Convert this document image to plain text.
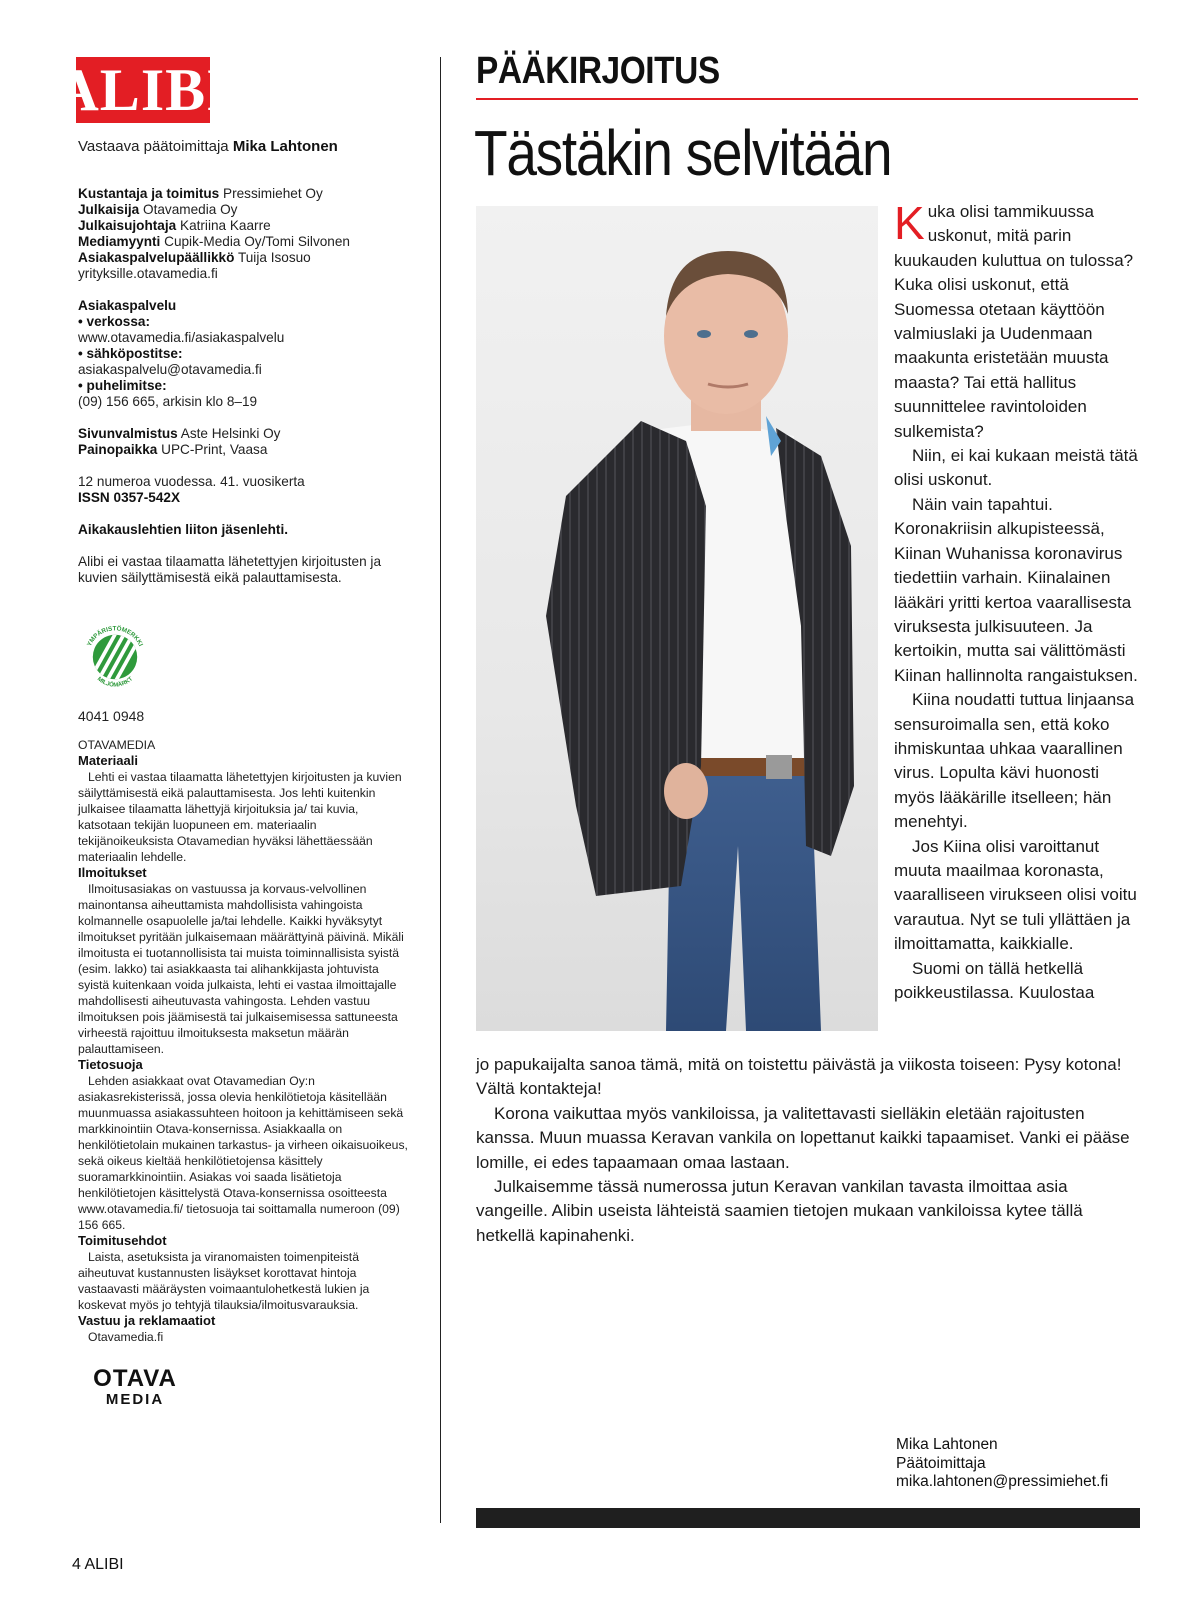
ALIBI
Vastaava päätoimittaja Mika Lahtonen
Kustantaja ja toimitus Pressimiehet Oy
Julkaisija Otavamedia Oy
Julkaisujohtaja Katriina Kaarre
Mediamyynti Cupik-Media Oy/Tomi Silvonen
Asiakaspalvelupäällikkö Tuija Isosuo
yrityksille.otavamedia.fi
Asiakaspalvelu
• verkossa:
www.otavamedia.fi/asiakaspalvelu
• sähköpostitse:
asiakaspalvelu@otavamedia.fi
• puhelimitse:
(09) 156 665, arkisin klo 8–19
Sivunvalmistus Aste Helsinki Oy
Painopaikka UPC-Print, Vaasa
12 numeroa vuodessa. 41. vuosikerta
ISSN 0357-542X
Aikakauslehtien liiton jäsenlehti.
Alibi ei vastaa tilaamatta lähetettyjen kirjoitusten ja kuvien säilyttämisestä eikä palauttamisesta.
YMPÄRISTÖMERKKI
MILJÖMÄRKT
4041 0948
OTAVAMEDIA
Materiaali

Lehti ei vastaa tilaamatta lähetettyjen kirjoitusten ja kuvien säilyttämisestä eikä palauttamisesta. Jos lehti kuitenkin julkaisee tilaamatta lähettyjä kirjoituksia ja/ tai kuvia, katsotaan tekijän luopuneen em. materiaalin tekijänoikeuksista Otavamedian hyväksi lähettäessään materiaalin lehdelle.

Ilmoitukset

Ilmoitusasiakas on vastuussa ja korvaus-velvollinen mainontansa aiheuttamista mahdollisista vahingoista kolmannelle osapuolelle ja/tai lehdelle. Kaikki hyväksytyt ilmoitukset pyritään julkaisemaan määrättyinä päivinä. Mikäli ilmoitusta ei tuotannollisista tai muista toiminnallisista syistä (esim. lakko) tai asiakkaasta tai alihankkijasta johtuvista syistä kuitenkaan voida julkaista, lehti ei vastaa ilmoittajalle mahdollisesti aiheutuvasta vahingosta. Lehden vastuu ilmoituksen pois jäämisestä tai julkaisemisessa sattuneesta virheestä rajoittuu ilmoituksesta maksetun määrän palauttamiseen.

Tietosuoja

Lehden asiakkaat ovat Otavamedian Oy:n asiakasrekisterissä, jossa olevia henkilötietoja käsitellään muunmuassa asiakassuhteen hoitoon ja kehittämiseen sekä markkinointiin Otava-konsernissa. Asiakkaalla on henkilötietolain mukainen tarkastus- ja virheen oikaisuoikeus, sekä oikeus kieltää henkilötietojensa käsittely suoramarkkinointiin. Asiakas voi saada lisätietoja henkilötietojen käsittelystä Otava-konsernissa osoitteesta www.otavamedia.fi/ tietosuoja tai soittamalla numeroon (09) 156 665.

Toimitusehdot

Laista, asetuksista ja viranomaisten toimenpiteistä aiheutuvat kustannusten lisäykset korottavat hintoja vastaavasti määräysten voimaantulohetkestä lukien ja koskevat myös jo tehtyjä tilauksia/ilmoitusvarauksia.

Vastuu ja reklamaatiot

Otavamedia.fi

OTAVA
MEDIA
4 ALIBI
PÄÄKIRJOITUS
Tästäkin selvitään

Kuka olisi tammikuussa uskonut, mitä parin kuukauden kuluttua on tulossa? Kuka olisi uskonut, että Suomessa otetaan käyttöön valmiuslaki ja Uudenmaan maakunta eristetään muusta maasta? Tai että hallitus suunnittelee ravintoloiden sulkemista?

Niin, ei kai kukaan meistä tätä olisi uskonut.

Näin vain tapahtui. Koronakriisin alkupisteessä, Kiinan Wuhanissa koronavirus tiedettiin varhain. Kiinalainen lääkäri yritti kertoa vaarallisesta viruksesta julkisuuteen. Ja kertoikin, mutta sai välittömästi Kiinan hallinnolta rangaistuksen.

Kiina noudatti tuttua linjaansa sensuroimalla sen, että koko ihmiskuntaa uhkaa vaarallinen virus. Lopulta kävi huonosti myös lääkärille itselleen; hän menehtyi.

Jos Kiina olisi varoittanut muuta maailmaa koronasta, vaaralliseen virukseen olisi voitu varautua. Nyt se tuli yllättäen ja ilmoittamatta, kaikkialle.

Suomi on tällä hetkellä poikkeustilassa. Kuulostaa

jo papukaijalta sanoa tämä, mitä on toistettu päivästä ja viikosta toiseen: Pysy kotona! Vältä kontakteja!

Korona vaikuttaa myös vankiloissa, ja valitettavasti sielläkin eletään rajoitusten kanssa. Muun muassa Keravan vankila on lopettanut kaikki tapaamiset. Vanki ei pääse lomille, ei edes tapaamaan omaa lastaan.

Julkaisemme tässä numerossa jutun Keravan vankilan tavasta ilmoittaa asia vangeille. Alibin useista lähteistä saamien tietojen mukaan vankiloissa kytee tällä hetkellä kapinahenki.

Mika Lahtonen
Päätoimittaja
mika.lahtonen@pressimiehet.fi
